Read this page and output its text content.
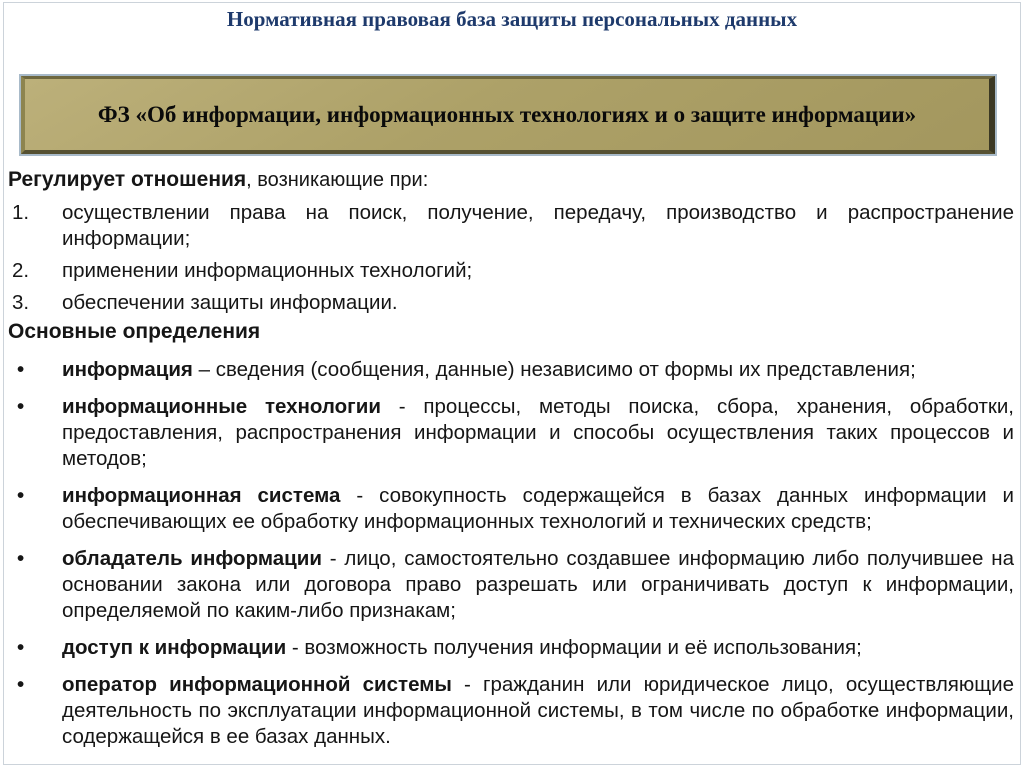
Нормативная правовая база защиты персональных данных
ФЗ «Об информации, информационных технологиях и о защите информации»
Регулирует отношения, возникающие при:
1. осуществлении права на поиск, получение, передачу, производство и распространение информации;
2. применении информационных технологий;
3. обеспечении защиты информации.
Основные определения
• информация – сведения (сообщения, данные) независимо от формы их представления;
• информационные технологии - процессы, методы поиска, сбора, хранения, обработки, предоставления, распространения информации и способы осуществления таких процессов и методов;
• информационная система - совокупность содержащейся в базах данных информации и обеспечивающих ее обработку информационных технологий и технических средств;
• обладатель информации - лицо, самостоятельно создавшее информацию либо получившее на основании закона или договора право разрешать или ограничивать доступ к информации, определяемой по каким-либо признакам;
• доступ к информации - возможность получения информации и её использования;
• оператор информационной системы - гражданин или юридическое лицо, осуществляющие деятельность по эксплуатации информационной системы, в том числе по обработке информации, содержащейся в ее базах данных.
